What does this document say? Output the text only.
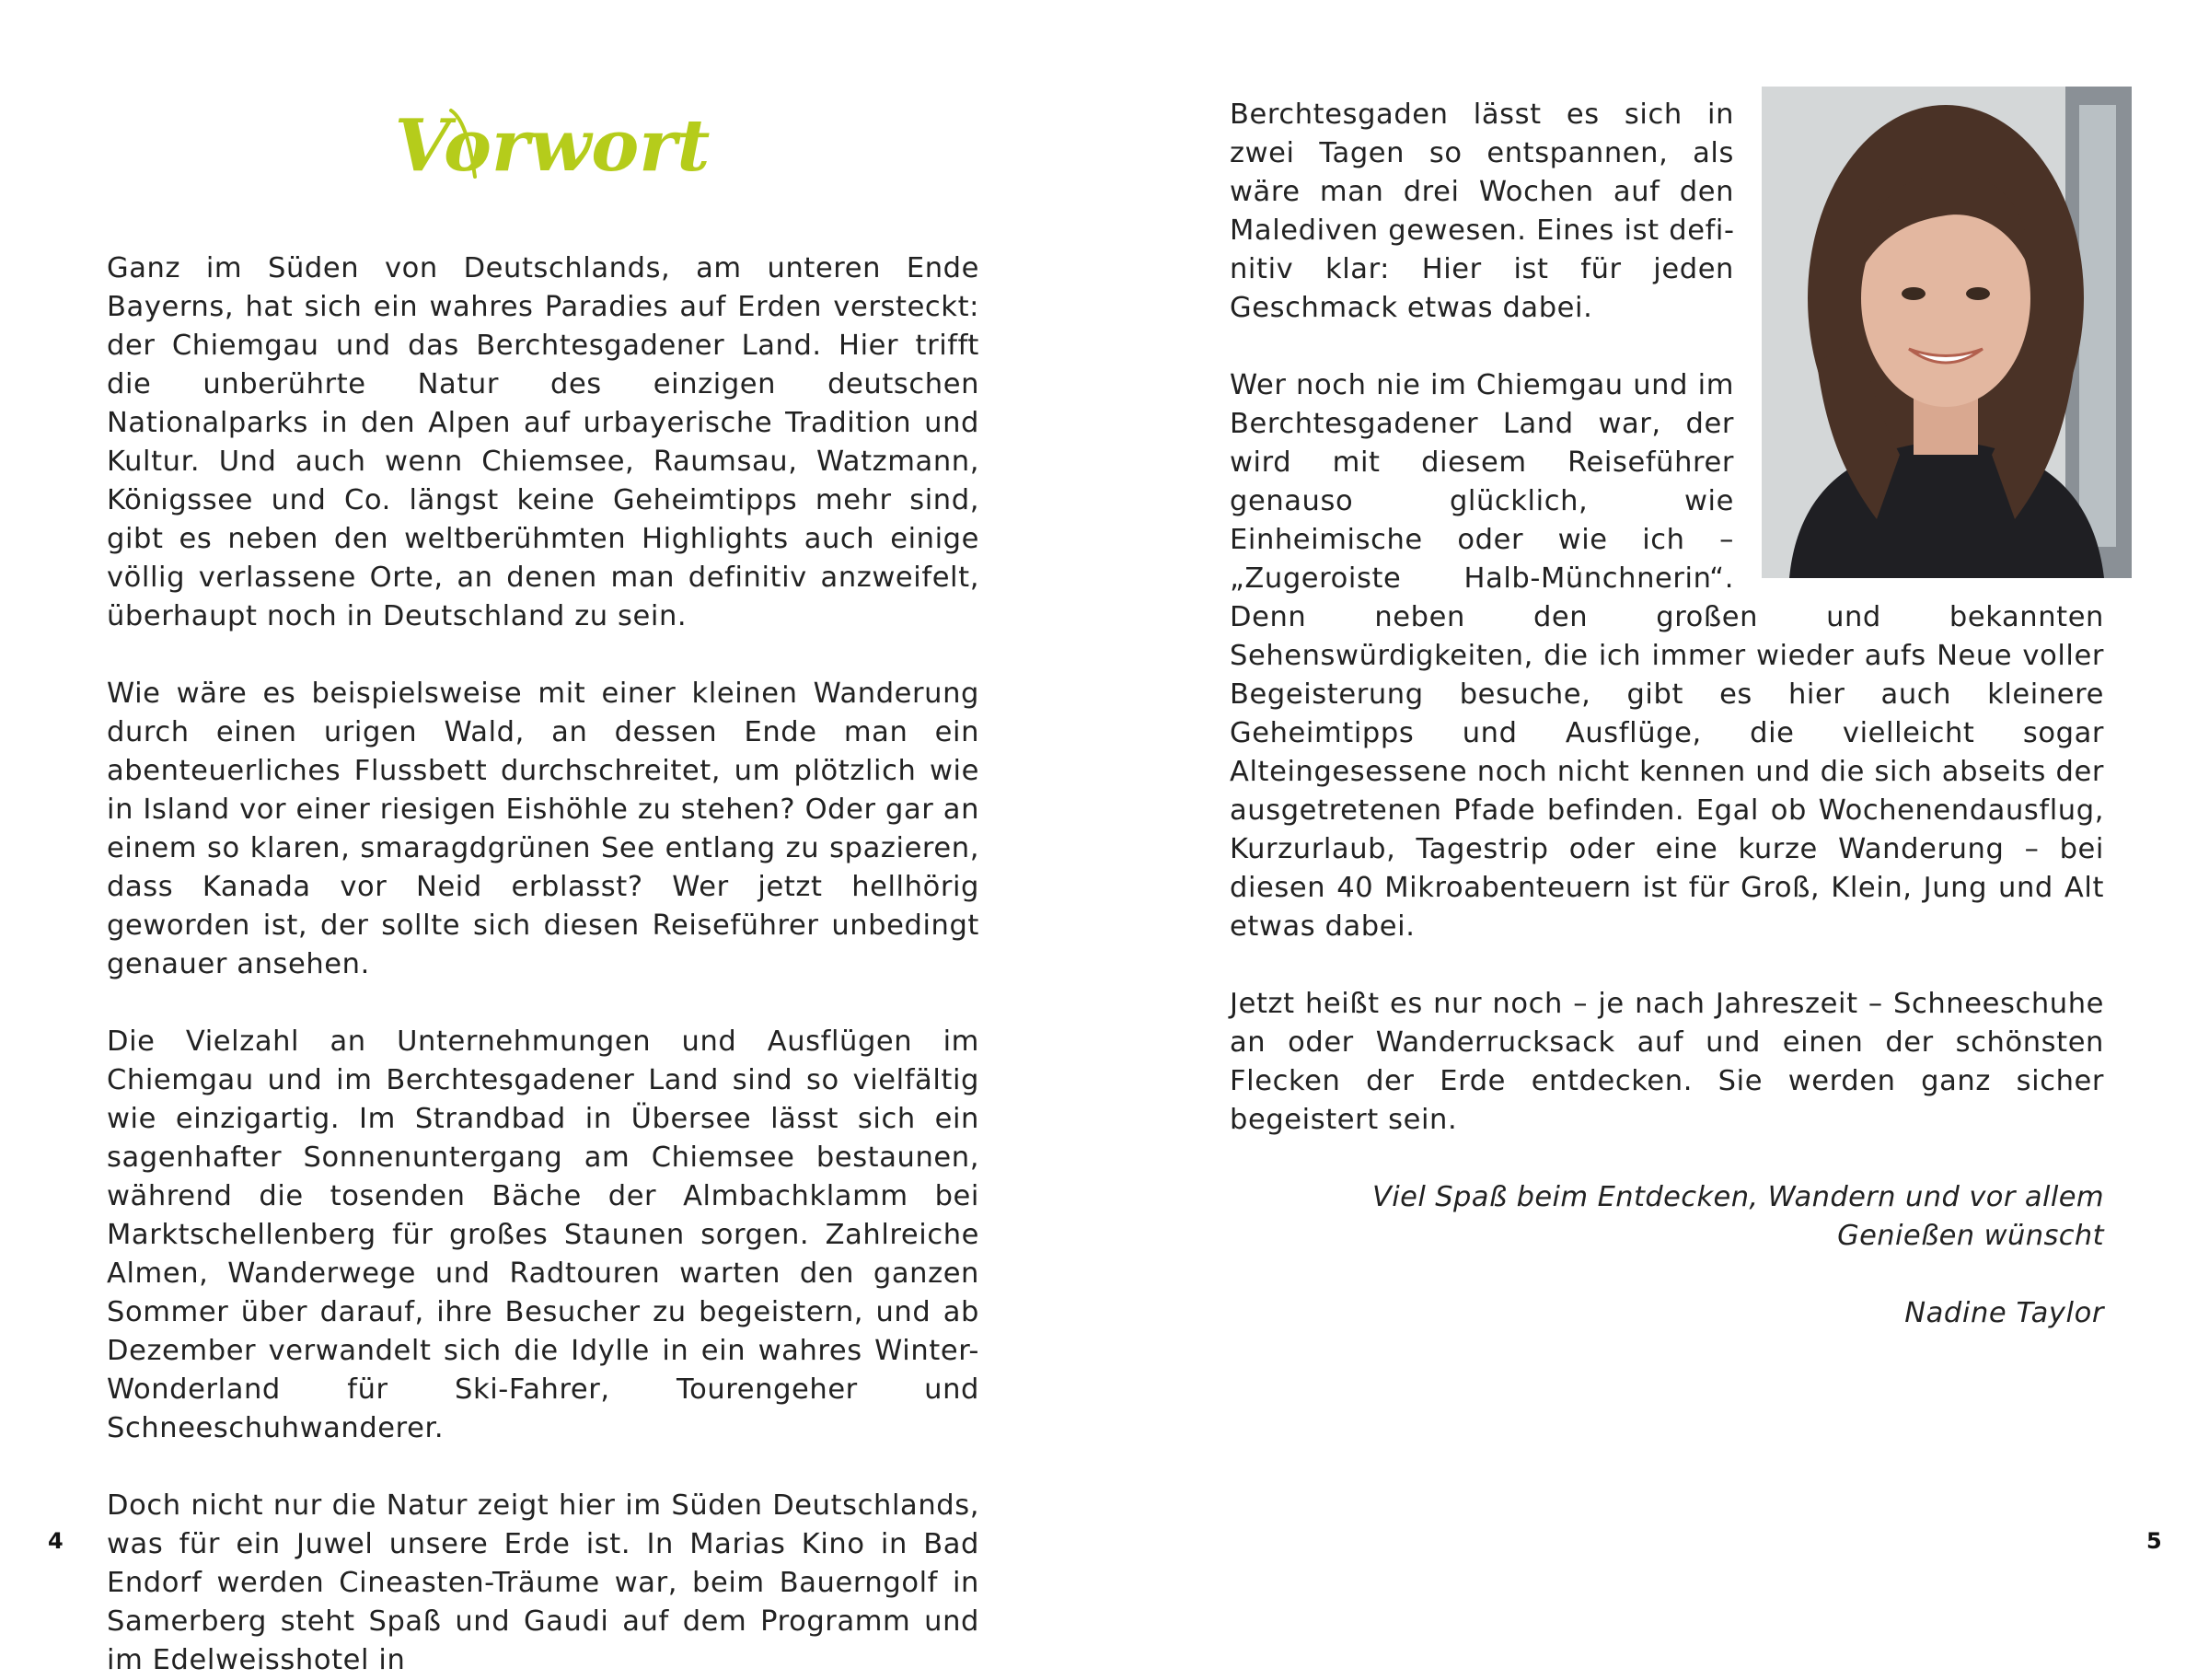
Vorwort

Ganz im Süden von Deutschlands, am unteren Ende Bayerns, hat sich ein wahres Paradies auf Erden versteckt: der Chiemgau und das Berchtesgadener Land. Hier trifft die unberührte Natur des einzigen deutschen Nationalparks in den Alpen auf urbayerische Tradition und Kultur. Und auch wenn Chiemsee, Raumsau, Watzmann, Königssee und Co. längst keine Geheimtipps mehr sind, gibt es neben den weltberühmten Highlights auch einige völlig verlassene Orte, an denen man definitiv anzweifelt, überhaupt noch in Deutschland zu sein.

Wie wäre es beispielsweise mit einer kleinen Wanderung durch einen urigen Wald, an dessen Ende man ein abenteuerliches Flussbett durchschreitet, um plötzlich wie in Island vor einer riesigen Eishöhle zu stehen? Oder gar an einem so klaren, smaragdgrünen See entlang zu spazieren, dass Kanada vor Neid erblasst? Wer jetzt hellhörig geworden ist, der sollte sich diesen Reiseführer unbedingt genauer ansehen.

Die Vielzahl an Unternehmungen und Ausflügen im Chiemgau und im Berchtesgadener Land sind so vielfältig wie einzigartig. Im Strandbad in Übersee lässt sich ein sagenhafter Sonnenuntergang am Chiemsee bestaunen, während die tosenden Bäche der Almbachklamm bei Marktschellenberg für großes Staunen sorgen. Zahlreiche Almen, Wanderwege und Radtouren warten den ganzen Sommer über darauf, ihre Besucher zu begeistern, und ab Dezember verwandelt sich die Idylle in ein wahres Winter-Wonderland für Ski-Fahrer, Tourengeher und Schneeschuhwanderer.

Doch nicht nur die Natur zeigt hier im Süden Deutschlands, was für ein Juwel unsere Erde ist. In Marias Kino in Bad Endorf werden Cineasten-Träume war, beim Bauerngolf in Samerberg steht Spaß und Gaudi auf dem Programm und im Edelweisshotel in

4

Berchtesgaden lässt es sich in zwei Tagen so entspannen, als wäre man drei Wochen auf den Malediven gewesen. Eines ist definitiv klar: Hier ist für jeden Geschmack etwas dabei.

Wer noch nie im Chiemgau und im Berchtesgadener Land war, der wird mit diesem Reiseführer genauso glücklich, wie Einheimische oder wie ich – „Zugeroiste Halb-Münchnerin“. Denn neben den großen und bekannten Sehenswürdigkeiten, die ich immer wieder aufs Neue voller Begeisterung besuche, gibt es hier auch kleinere Geheimtipps und Ausflüge, die vielleicht sogar Alteingesessene noch nicht kennen und die sich abseits der ausgetretenen Pfade befinden. Egal ob Wochenendausflug, Kurzurlaub, Tagestrip oder eine kurze Wanderung – bei diesen 40 Mikroabenteuern ist für Groß, Klein, Jung und Alt etwas dabei.

Jetzt heißt es nur noch – je nach Jahreszeit – Schneeschuhe an oder Wanderrucksack auf und einen der schönsten Flecken der Erde entdecken. Sie werden ganz sicher begeistert sein.

Viel Spaß beim Entdecken, Wandern und vor allem Genießen wünscht

Nadine Taylor

5
